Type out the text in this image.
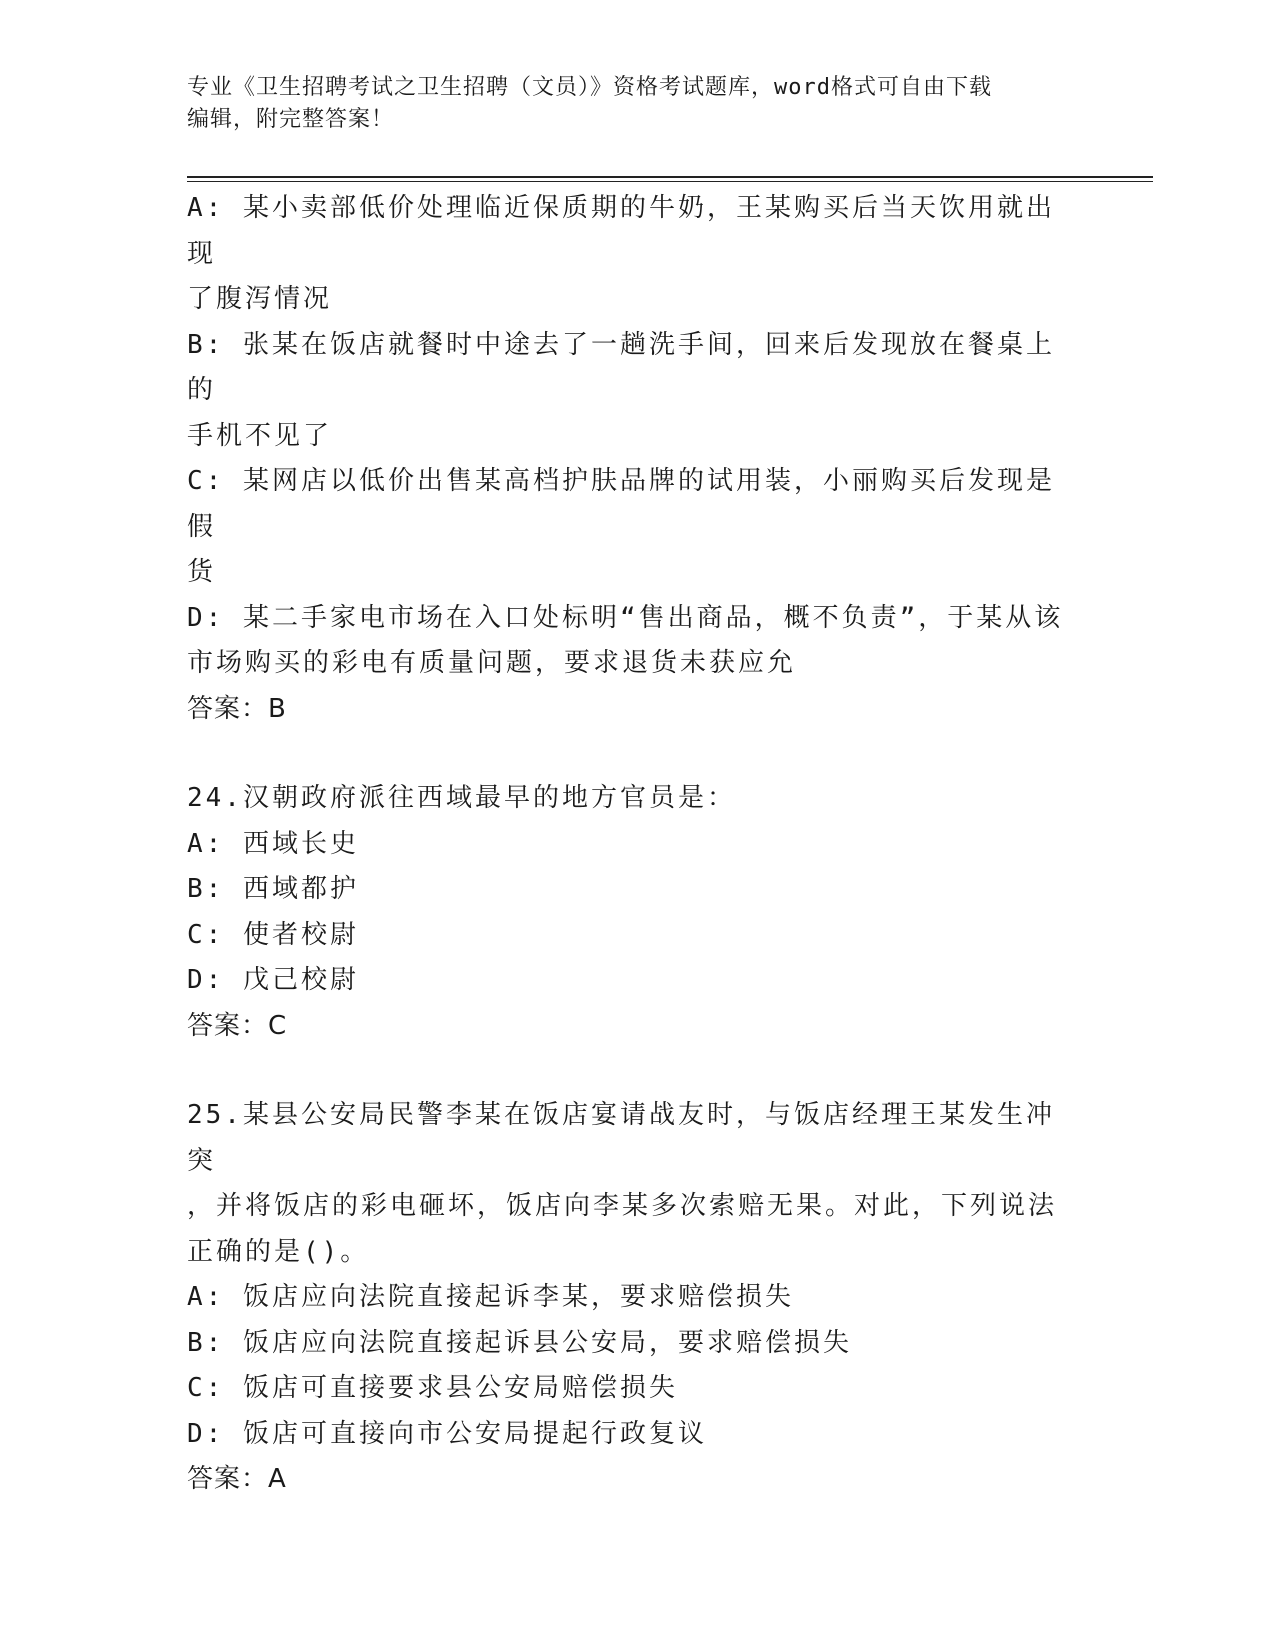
专业《卫生招聘考试之卫生招聘（文员）》资格考试题库，word格式可自由下载
编辑，附完整答案！

A: 某小卖部低价处理临近保质期的牛奶，王某购买后当天饮用就出现

了腹泻情况

B: 张某在饭店就餐时中途去了一趟洗手间，回来后发现放在餐桌上的

手机不见了

C: 某网店以低价出售某高档护肤品牌的试用装，小丽购买后发现是假

货

D: 某二手家电市场在入口处标明“售出商品，概不负责”，于某从该

市场购买的彩电有质量问题，要求退货未获应允

答案：B

24.汉朝政府派往西域最早的地方官员是：

A: 西域长史

B: 西域都护

C: 使者校尉

D: 戊己校尉

答案：C

25.某县公安局民警李某在饭店宴请战友时，与饭店经理王某发生冲突

，并将饭店的彩电砸坏，饭店向李某多次索赔无果。对此，下列说法

正确的是()。

A: 饭店应向法院直接起诉李某，要求赔偿损失

B: 饭店应向法院直接起诉县公安局，要求赔偿损失

C: 饭店可直接要求县公安局赔偿损失

D: 饭店可直接向市公安局提起行政复议

答案：A
